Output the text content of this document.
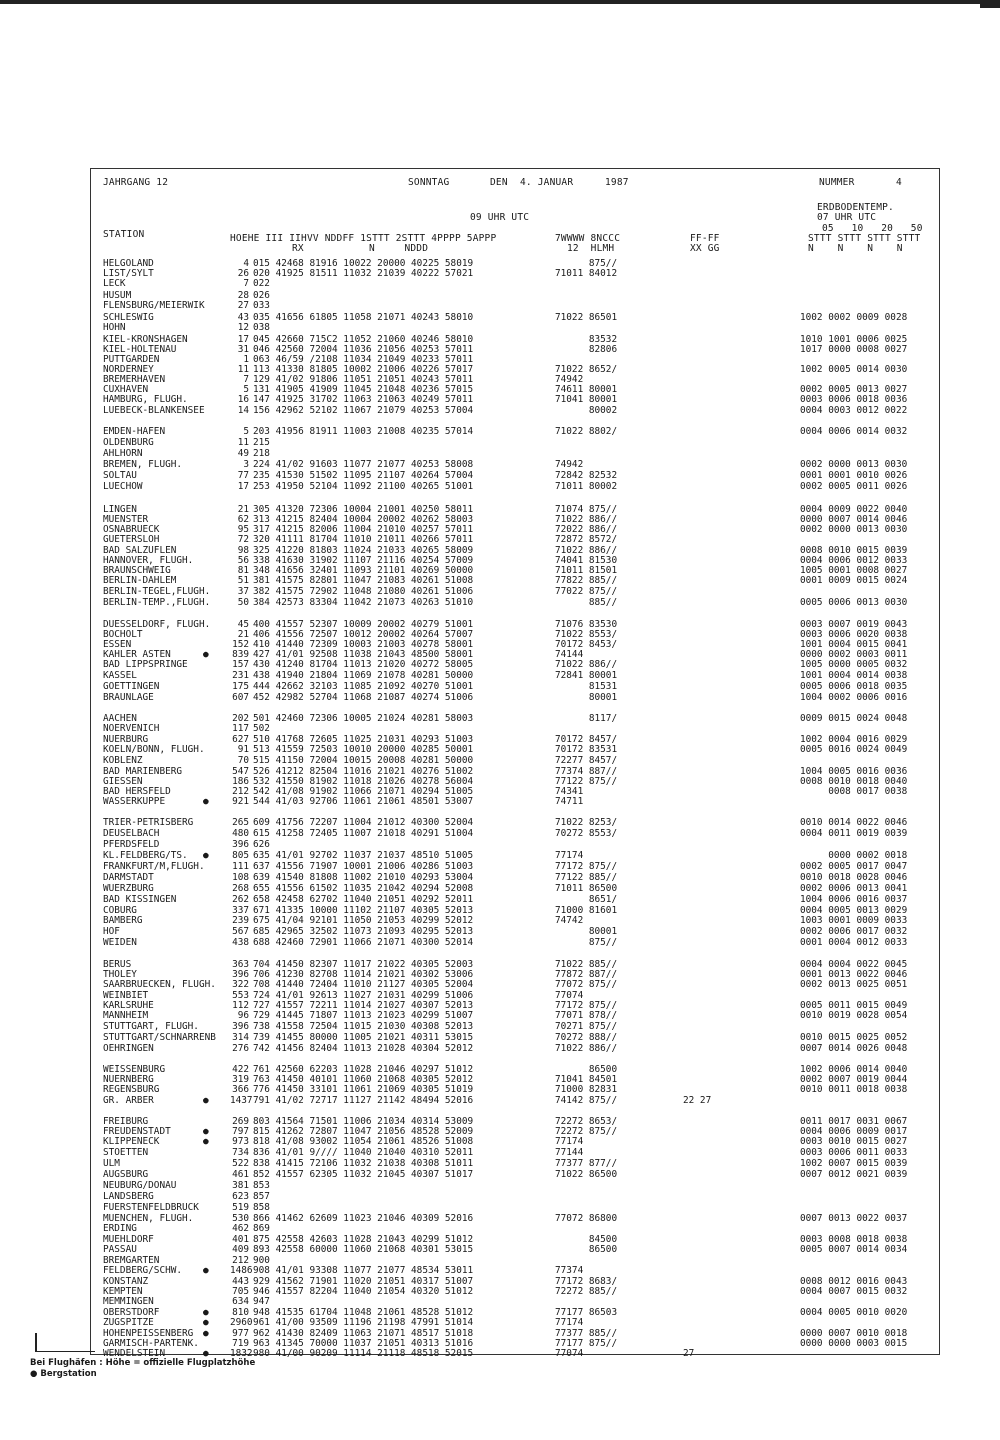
JAHRGANG 12	SONNTAG	DEN 4. JANUAR	1987	NUMMER	4
09 UHR UTC
STATION	HOEHE III IIHVV NDDFF 1STTT 2STTT 4PPPP 5APPP
RX           N     NDDD
7WWWW 8NCCC
12  HLMH
FF-FF
XX GG
ERDBODENTEMP.
07 UHR UTC
05   10   20   50
STTT STTT STTT STTT
N    N    N    N
HELGOLAND	4 015 42468 81916 10022 20000 40225 58019	875//
LIST/SYLT	26 020 41925 81511 11032 21039 40222 57021	71011 84012
LECK	7 022
HUSUM	28 026
FLENSBURG/MEIERWIK	27 033
SCHLESWIG	43 035 41656 61805 11058 21071 40243 58010	71022 86501	1002 0002 0009 0028
HOHN	12 038
KIEL-KRONSHAGEN	17 045 42660 715C2 11052 21060 40246 58010	83532	1010 1001 0006 0025
KIEL-HOLTENAU	31 046 42560 72004 11036 21056 40253 57011	82806	1017 0000 0008 0027
PUTTGARDEN	1 063 46/59 /2108 11034 21049 40233 57011
NORDERNEY	11 113 41330 81805 10002 21006 40226 57017	71022 8652/	1002 0005 0014 0030
BREMERHAVEN	7 129 41/02 91806 11051 21051 40243 57011	74942
CUXHAVEN	5 131 41905 41909 11045 21048 40236 57015	74611 80001	0002 0005 0013 0027
HAMBURG, FLUGH.	16 147 41925 31702 11063 21063 40249 57011	71041 80001	0003 0006 0018 0036
LUEBECK-BLANKENSEE	14 156 42962 52102 11067 21079 40253 57004	80002	0004 0003 0012 0022
EMDEN-HAFEN	5 203 41956 81911 11003 21008 40235 57014	71022 8802/	0004 0006 0014 0032
OLDENBURG	11 215
AHLHORN	49 218
BREMEN, FLUGH.	3 224 41/02 91603 11077 21077 40253 58008	74942	0002 0000 0013 0030
SOLTAU	77 235 41530 51502 11095 21107 40264 57004	72842 82532	0001 0001 0010 0026
LUECHOW	17 253 41950 52104 11092 21100 40265 51001	71011 80002	0002 0005 0011 0026
LINGEN	21 305 41320 72306 10004 21001 40250 58011	71074 875//	0004 0009 0022 0040
MUENSTER	62 313 41215 82404 10004 20002 40262 58003	71022 886//	0000 0007 0014 0046
OSNABRUECK	95 317 41215 82006 11004 21010 40257 57011	72022 886//	0002 0000 0013 0030
GUETERSLOH	72 320 41111 81704 11010 21011 40266 57011	72872 8572/
BAD SALZUFLEN	98 325 41220 81803 11024 21033 40265 58009	71022 886//	0008 0010 0015 0039
HANNOVER, FLUGH.	56 338 41630 31902 11107 21116 40254 57009	74041 81530	0004 0006 0012 0033
BRAUNSCHWEIG	81 348 41656 32401 11093 21101 40269 50000	71011 81501	1005 0001 0008 0027
BERLIN-DAHLEM	51 381 41575 82801 11047 21083 40261 51008	77822 885//	0001 0009 0015 0024
BERLIN-TEGEL,FLUGH.	37 382 41575 72902 11048 21080 40261 51006	77022 875//
BERLIN-TEMP.,FLUGH.	50 384 42573 83304 11042 21073 40263 51010	885//	0005 0006 0013 0030
DUESSELDORF, FLUGH.	45 400 41557 52307 10009 20002 40279 51001	71076 83530	0003 0007 0019 0043
BOCHOLT	21 406 41556 72507 10012 20002 40264 57007	71022 8553/	0003 0006 0020 0038
ESSEN	152 410 41440 72309 10003 21003 40278 58001	70172 8453/	1001 0004 0015 0041
KAHLER ASTEN	● 839 427 41/01 92508 11038 21043 48500 58001	74144	0000 0002 0003 0011
BAD LIPPSPRINGE	157 430 41240 81704 11013 21020 40272 58005	71022 886//	1005 0000 0005 0032
KASSEL	231 438 41940 21804 11069 21078 40281 50000	72841 80001	1001 0004 0014 0038
GOETTINGEN	175 444 42662 32103 11085 21092 40270 51001	81531	0005 0006 0018 0035
BRAUNLAGE	607 452 42982 52704 11068 21087 40274 51006	80001	1004 0002 0006 0016
AACHEN	202 501 42460 72306 10005 21024 40281 58003	8117/	0009 0015 0024 0048
NOERVENICH	117 502
NUERBURG	627 510 41768 72605 11025 21031 40293 51003	70172 8457/	1002 0004 0016 0029
KOELN/BONN, FLUGH.	91 513 41559 72503 10010 20000 40285 50001	70172 83531	0005 0016 0024 0049
KOBLENZ	70 515 41150 72004 10015 20008 40281 50000	72277 8457/
BAD MARIENBERG	547 526 41212 82504 11016 21021 40276 51002	77374 887//	1004 0005 0016 0036
GIESSEN	186 532 41550 81902 11018 21026 40278 56004	77122 875//	0008 0010 0018 0040
BAD HERSFELD	212 542 41/08 91902 11066 21071 40294 51005	74341	0008 0017 0038
WASSERKUPPE	● 921 544 41/03 92706 11061 21061 48501 53007	74711
TRIER-PETRISBERG	265 609 41756 72207 11004 21012 40300 52004	71022 8253/	0010 0014 0022 0046
DEUSELBACH	480 615 41258 72405 11007 21018 40291 51004	70272 8553/	0004 0011 0019 0039
PFERDSFELD	396 626
KL.FELDBERG/TS. ● 805 635 41/01 92702 11037 21037 48510 51005	77174	0000 0002 0018
FRANKFURT/M,FLUGH.	111 637 41556 71907 10001 21006 40286 51003	77172 875//	0002 0005 0017 0047
DARMSTADT	108 639 41540 81808 11002 21010 40293 53004	77122 885//	0010 0018 0028 0046
WUERZBURG	268 655 41556 61502 11035 21042 40294 52008	71011 86500	0002 0006 0013 0041
BAD KISSINGEN	262 658 42458 62702 11040 21051 40292 52011	8651/	1004 0006 0016 0037
COBURG	337 671 41335 10000 11102 21107 40305 52013	71000 81601	0004 0005 0013 0029
BAMBERG	239 675 41/04 92101 11050 21053 40299 52012	74742	1003 0001 0009 0033
HOF	567 685 42965 32502 11073 21093 40295 52013	80001	0002 0006 0017 0032
WEIDEN	438 688 42460 72901 11066 21071 40300 52014	875//	0001 0004 0012 0033
BERUS	363 704 41450 82307 11017 21022 40305 52003	71022 885//	0004 0004 0022 0045
THOLEY	396 706 41230 82708 11014 21021 40302 53006	77872 887//	0001 0013 0022 0046
SAARBRUECKEN, FLUGH. 322 708 41440 72404 11010 21127 40305 52004	77072 875//	0002 0013 0025 0051
WEINBIET	553 724 41/01 92613 11027 21031 40299 51006	77074
KARLSRUHE	112 727 41557 72211 11014 21027 40307 52013	77172 875//	0005 0011 0015 0049
MANNHEIM	96 729 41445 71807 11013 21023 40299 51007	77071 878//	0010 0019 0028 0054
STUTTGART, FLUGH.	396 738 41558 72504 11015 21030 40308 52013	70271 875//
STUTTGART/SCHNARRENB 314 739 41455 80000 11005 21021 40311 53015	70272 888//	0010 0015 0025 0052
OEHRINGEN	276 742 41456 82404 11013 21028 40304 52012	71022 886//	0007 0014 0026 0048
WEISSENBURG	422 761 42560 62203 11028 21046 40297 51012	86500	1002 0006 0014 0040
NUERNBERG	319 763 41450 40101 11060 21068 40305 52012	71041 84501	0002 0007 0019 0044
REGENSBURG	366 776 41450 33101 11061 21069 40305 51019	71000 82831	0010 0011 0018 0038
GR. ARBER	● 1437 791 41/02 72717 11127 21142 48494 52016	74142 875//	22 27
FREIBURG	269 803 41564 71501 11006 21034 40314 53009	72272 8653/	0011 0017 0031 0067
FREUDENSTADT	● 797 815 41262 72807 11047 21056 48528 52009	72272 875//	0004 0006 0009 0017
KLIPPENECK	● 973 818 41/08 93002 11054 21061 48526 51008	77174	0003 0010 0015 0027
STOETTEN	734 836 41/01 9//// 11040 21040 40310 52011	77144	0003 0006 0011 0033
ULM	522 838 41415 72106 11032 21038 40308 51011	77377 877//	1002 0007 0015 0039
AUGSBURG	461 852 41557 62305 11032 21045 40307 51017	71022 86500	0007 0012 0021 0039
NEUBURG/DONAU	381 853
LANDSBERG	623 857
FUERSTENFELDBRUCK	519 858
MUENCHEN, FLUGH.	530 866 41462 62609 11023 21046 40309 52016	77072 86800	0007 0013 0022 0037
ERDING	462 869
MUEHLDORF	401 875 42558 42603 11028 21043 40299 51012	84500	0003 0008 0018 0038
PASSAU	409 893 42558 60000 11060 21068 40301 53015	86500	0005 0007 0014 0034
BREMGARTEN	212 900
FELDBERG/SCHW. ● 1486 908 41/01 93308 11077 21077 48534 53011	77374
KONSTANZ	443 929 41562 71901 11020 21051 40317 51007	77172 8683/	0008 0012 0016 0043
KEMPTEN	705 946 41557 82204 11040 21054 40320 51012	72272 885//	0004 0007 0015 0032
MEMMINGEN	634 947
OBERSTDORF	● 810 948 41535 61704 11048 21061 48528 51012	77177 86503	0004 0005 0010 0020
ZUGSPITZE	● 2960 961 41/00 93509 11196 21198 47991 51014	77174
HOHENPEISSENBERG ● 977 962 41430 82409 11063 21071 48517 51018	77377 885//	0000 0007 0010 0018
GARMISCH-PARTENK.	719 963 41345 70000 11037 21051 40313 51016	77177 875//	0000 0000 0003 0015
WENDELSTEIN	● 1832 980 41/00 90209 11114 21118 48518 52015	77074	27
Bei Flughäfen : Höhe = offizielle Flugplatzhöhe
● Bergstation
